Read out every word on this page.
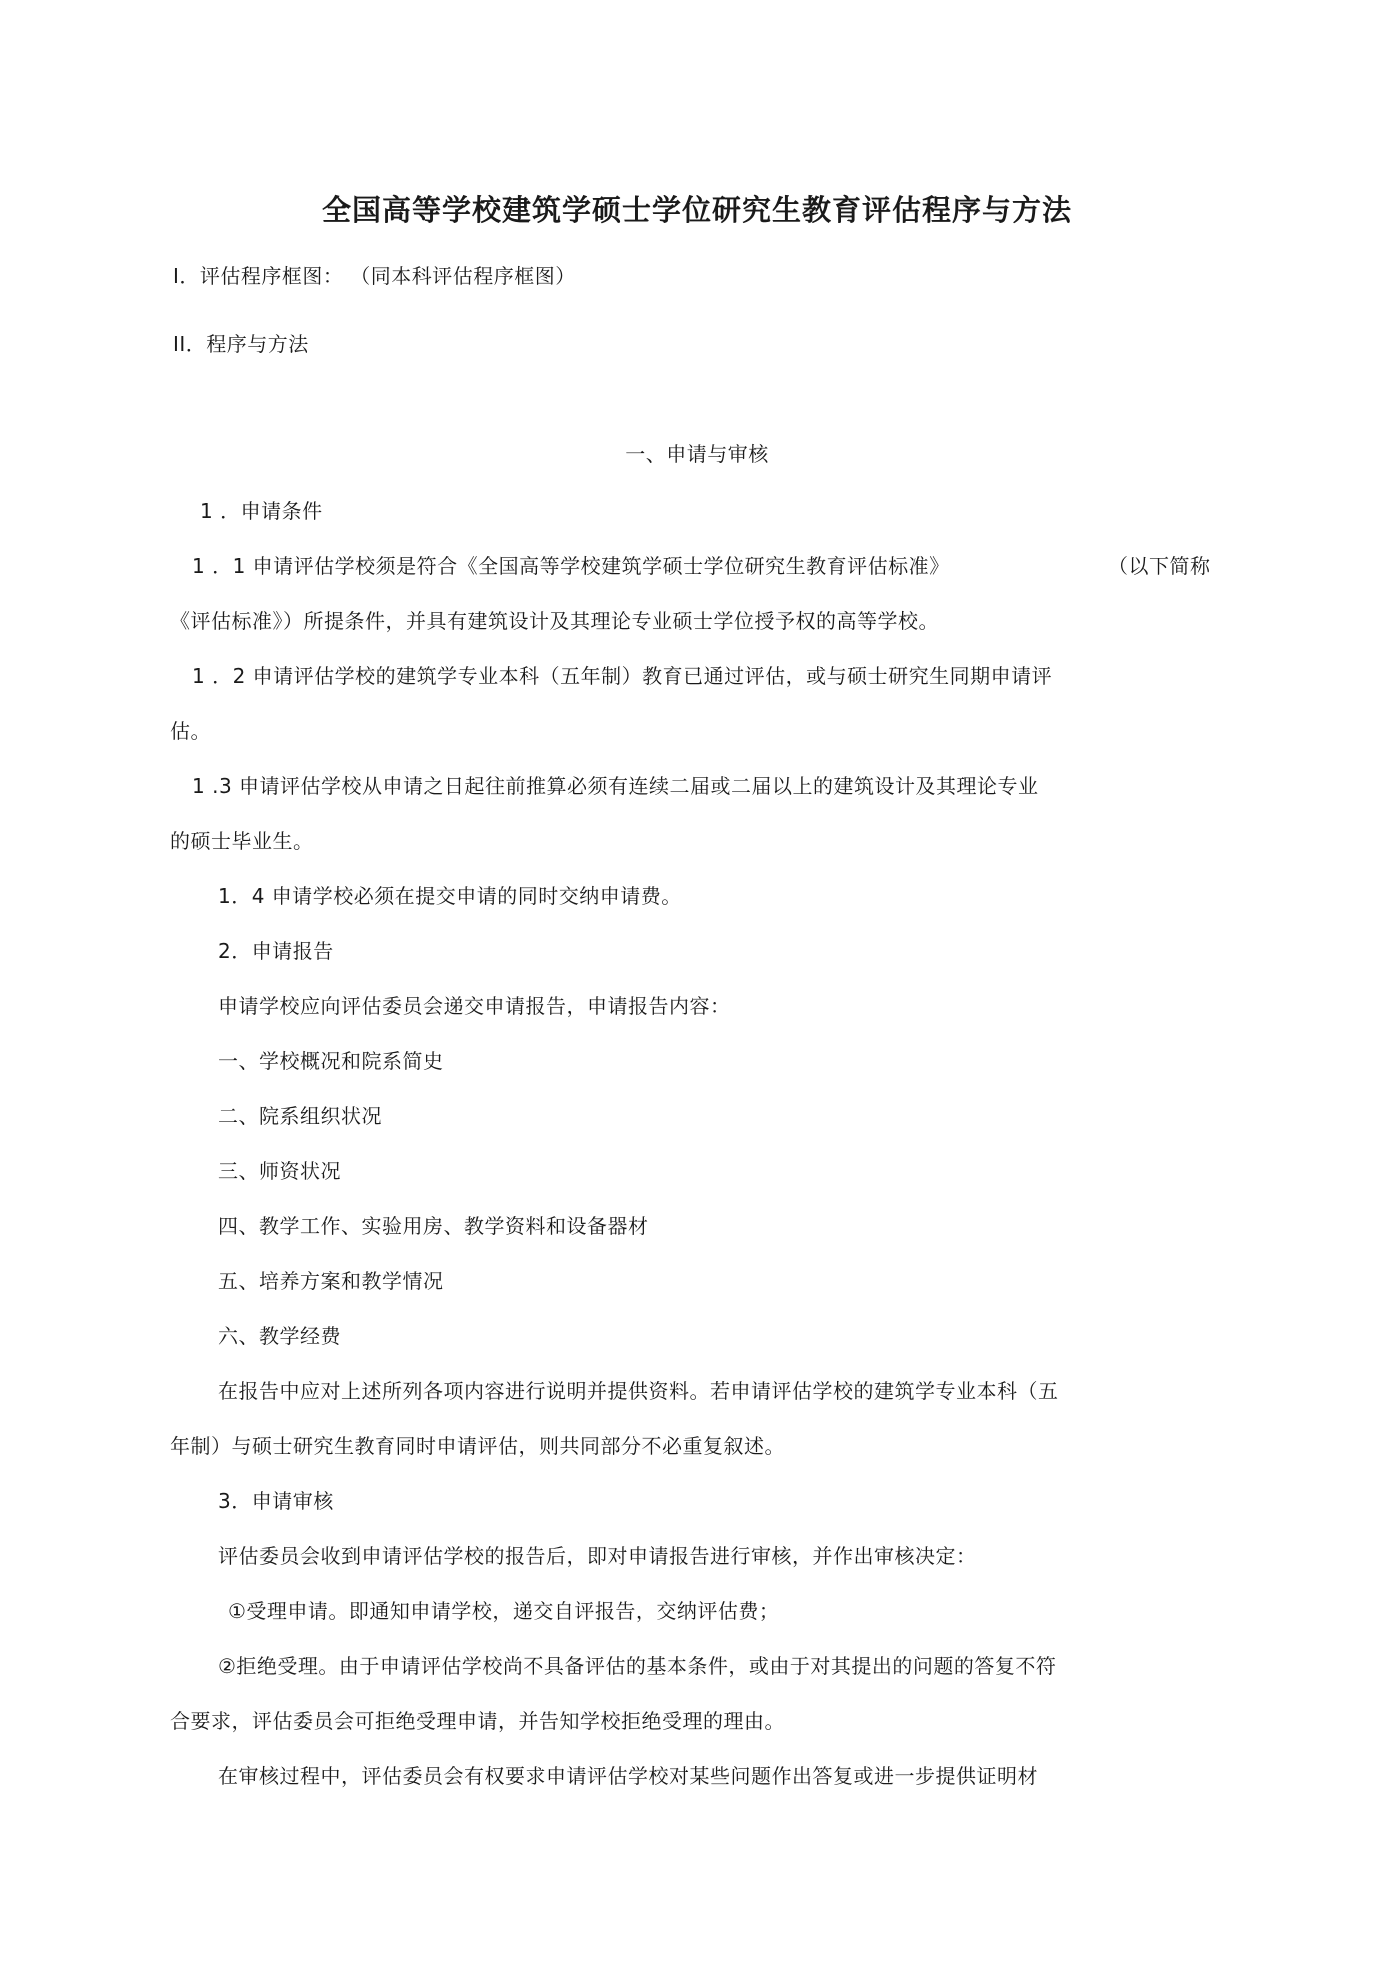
全国高等学校建筑学硕士学位研究生教育评估程序与方法
Ⅰ．评估程序框图： （同本科评估程序框图）
II．程序与方法
一、申请与审核
1 ．申请条件
1 ．1 申请评估学校须是符合《全国高等学校建筑学硕士学位研究生教育评估标准》	（以下简称
《评估标准》）所提条件，并具有建筑设计及其理论专业硕士学位授予权的高等学校。
1 ．2 申请评估学校的建筑学专业本科（五年制）教育已通过评估，或与硕士研究生同期申请评
估。
1 .3 申请评估学校从申请之日起往前推算必须有连续二届或二届以上的建筑设计及其理论专业
的硕士毕业生。
1．4 申请学校必须在提交申请的同时交纳申请费。
2．申请报告
申请学校应向评估委员会递交申请报告，申请报告内容：
一、学校概况和院系简史
二、院系组织状况
三、师资状况
四、教学工作、实验用房、教学资料和设备器材
五、培养方案和教学情况
六、教学经费
在报告中应对上述所列各项内容进行说明并提供资料。若申请评估学校的建筑学专业本科（五
年制）与硕士研究生教育同时申请评估，则共同部分不必重复叙述。
3．申请审核
评估委员会收到申请评估学校的报告后，即对申请报告进行审核，并作出审核决定：
①受理申请。即通知申请学校，递交自评报告，交纳评估费；
②拒绝受理。由于申请评估学校尚不具备评估的基本条件，或由于对其提出的问题的答复不符
合要求，评估委员会可拒绝受理申请，并告知学校拒绝受理的理由。
在审核过程中，评估委员会有权要求申请评估学校对某些问题作出答复或进一步提供证明材
